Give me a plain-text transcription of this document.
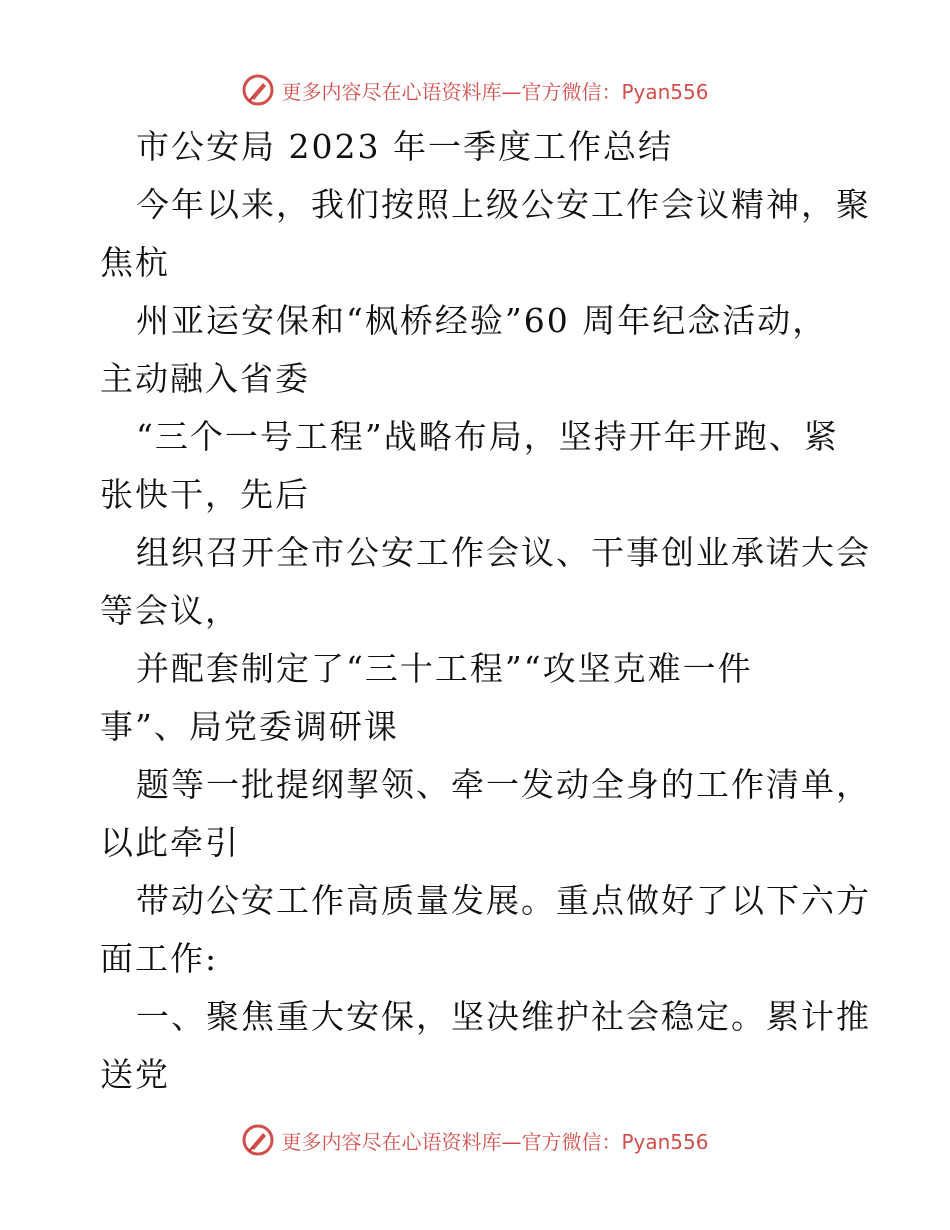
更多内容尽在心语资料库—官方微信：Pyan556
市公安局 2023 年一季度工作总结
今年以来，我们按照上级公安工作会议精神，聚
焦杭
州亚运安保和“枫桥经验”60 周年纪念活动，
主动融入省委
“三个一号工程”战略布局，坚持开年开跑、紧
张快干，先后
组织召开全市公安工作会议、干事创业承诺大会
等会议，
并配套制定了“三十工程”“攻坚克难一件
事”、局党委调研课
题等一批提纲挈领、牵一发动全身的工作清单，
以此牵引
带动公安工作高质量发展。重点做好了以下六方
面工作:
一、聚焦重大安保，坚决维护社会稳定。累计推
送党
更多内容尽在心语资料库—官方微信：Pyan556
